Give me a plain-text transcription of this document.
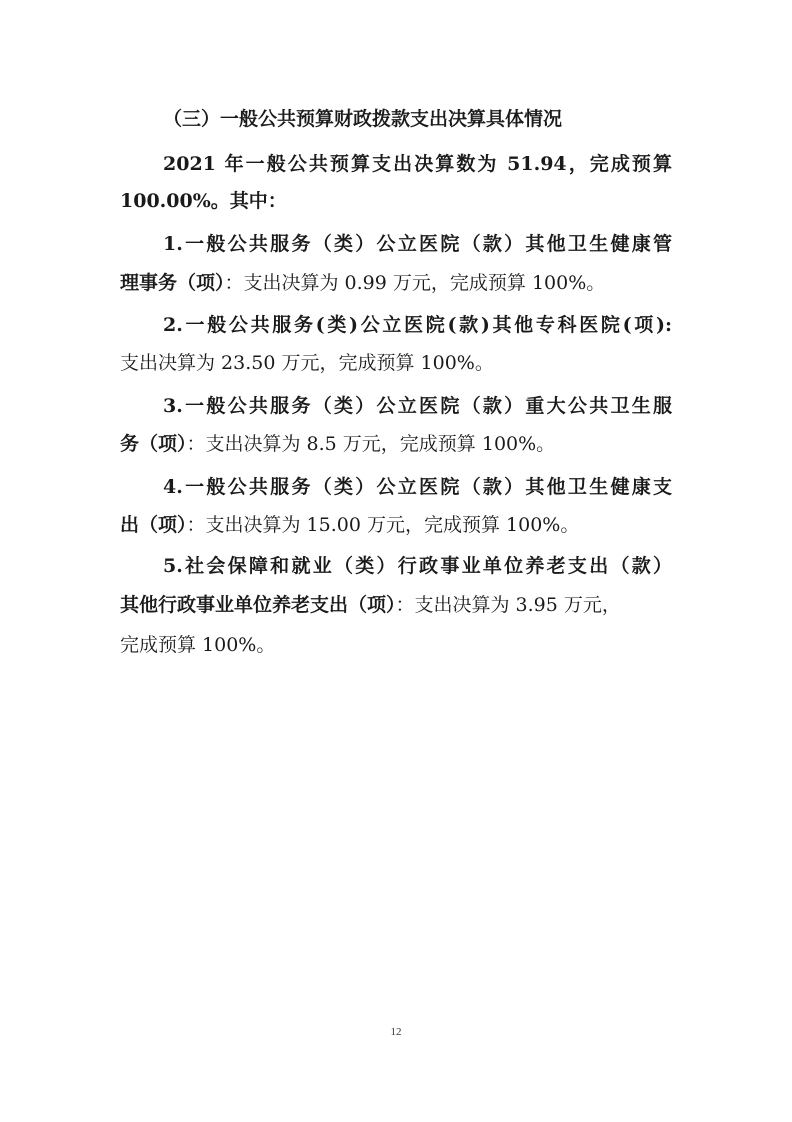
（三）一般公共预算财政拨款支出决算具体情况
2021 年一般公共预算支出决算数为 51.94，完成预算
100.00%。其中：
1.一般公共服务（类）公立医院（款）其他卫生健康管
理事务（项）：支出决算为 0.99 万元，完成预算 100%。
2.一般公共服务(类)公立医院(款)其他专科医院(项):
支出决算为 23.50 万元，完成预算 100%。
3.一般公共服务（类）公立医院（款）重大公共卫生服
务（项）：支出决算为 8.5 万元，完成预算 100%。
4.一般公共服务（类）公立医院（款）其他卫生健康支
出（项）：支出决算为 15.00 万元，完成预算 100%。
5.社会保障和就业（类）行政事业单位养老支出（款）
其他行政事业单位养老支出（项）：支出决算为 3.95 万元，
完成预算 100%。
12
